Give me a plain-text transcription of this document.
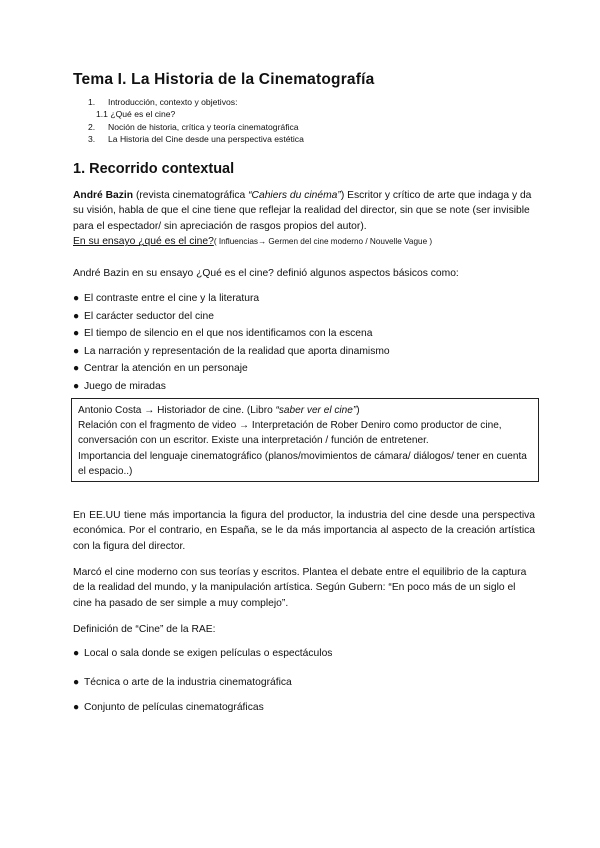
Tema I. La Historia de la Cinematografía
1.	Introducción, contexto y objetivos:
1.1 ¿Qué es el cine?
2.	Noción de historia, crítica y teoría cinematográfica
3.	La Historia del Cine desde una perspectiva estética
1. Recorrido contextual

André Bazin (revista cinematográfica “Cahiers du cinéma”) Escritor y crítico de arte que indaga y da su visión, habla de que el cine tiene que reflejar la realidad del director, sin que se note (ser invisible para el espectador/ sin apreciación de rasgos propios del autor).
En su ensayo ¿qué es el cine?( Influencias→ Germen del cine moderno / Nouvelle Vague )

André Bazin en su ensayo ¿Qué es el cine? definió algunos aspectos básicos como:

● El contraste entre el cine y la literatura
● El carácter seductor del cine
● El tiempo de silencio en el que nos identificamos con la escena
● La narración y representación de la realidad que aporta dinamismo
● Centrar la atención en un personaje
● Juego de miradas
Antonio Costa → Historiador de cine. (Libro “saber ver el cine”)
Relación con el fragmento de video → Interpretación de Rober Deniro como productor de cine, conversación con un escritor. Existe una interpretación / función de entretener.
Importancia del lenguaje cinematográfico (planos/movimientos de cámara/ diálogos/ tener en cuenta el espacio..)

En EE.UU tiene más importancia la figura del productor, la industria del cine desde una perspectiva económica. Por el contrario, en España, se le da más importancia al aspecto de la creación artística con la figura del director.

Marcó el cine moderno con sus teorías y escritos. Plantea el debate entre el equilibrio de la captura de la realidad del mundo, y la manipulación artística. Según Gubern: “En poco más de un siglo el cine ha pasado de ser simple a muy complejo”.

Definición de “Cine” de la RAE:

● Local o sala donde se exigen películas o espectáculos
● Técnica o arte de la industria cinematográfica
● Conjunto de películas cinematográficas
